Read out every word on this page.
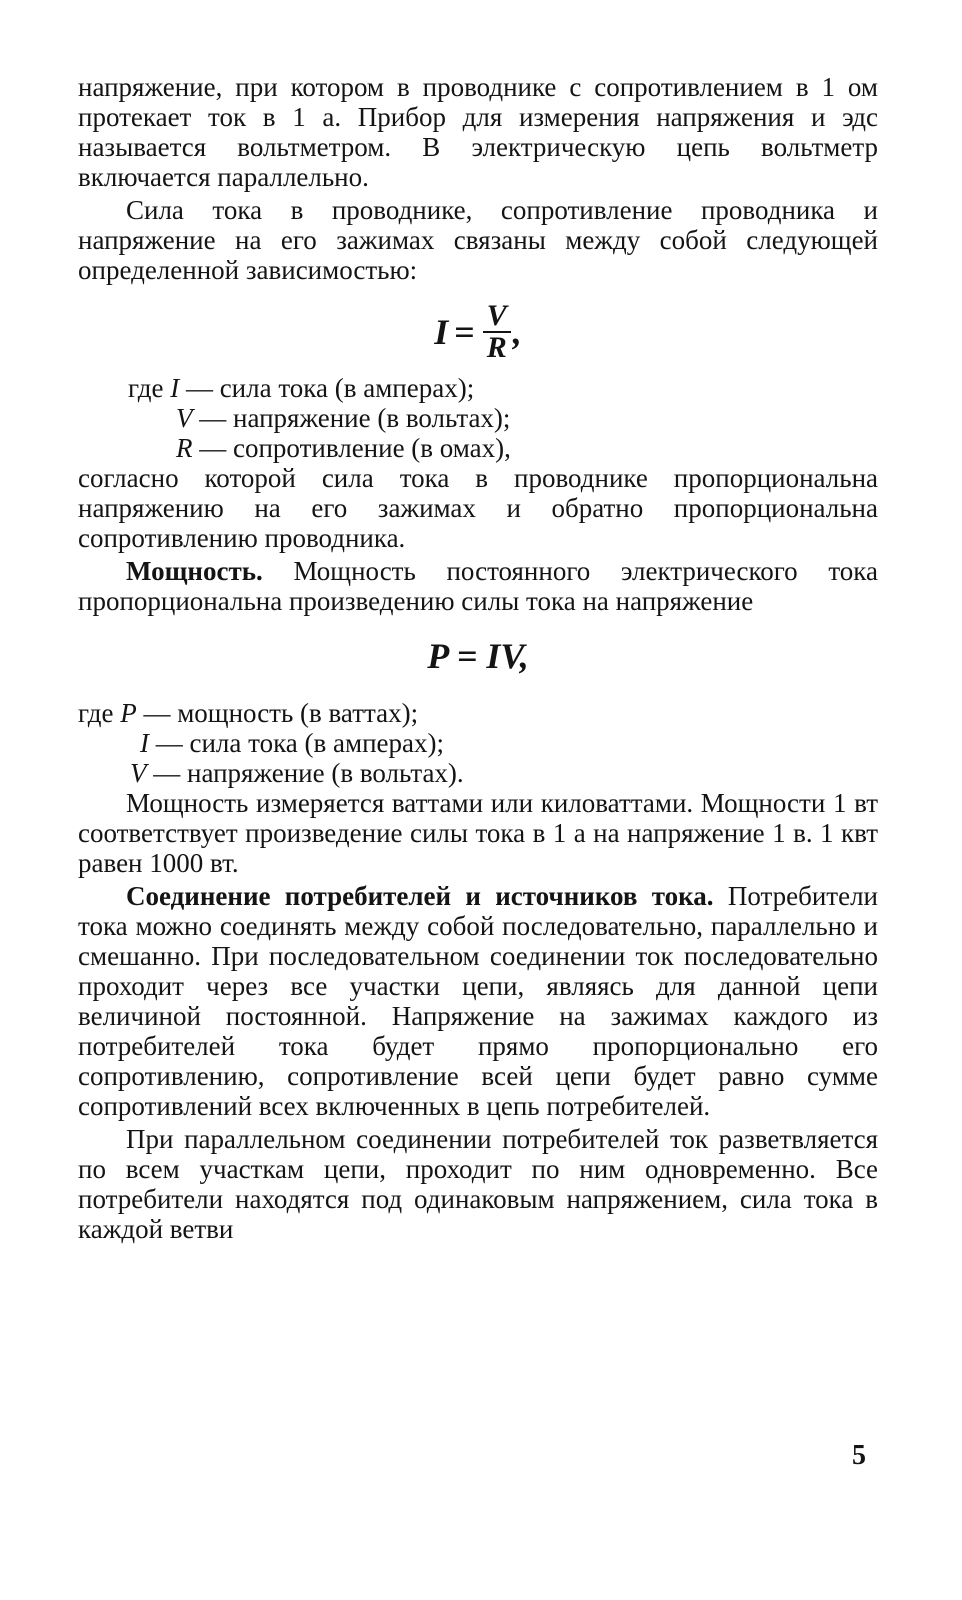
напряжение, при котором в проводнике с сопротивлением в 1 ом протекает ток в 1 а. Прибор для измерения напряжения и эдс называется вольтметром. В электрическую цепь вольтметр включается параллельно.

Сила тока в проводнике, сопротивление проводника и напряжение на его зажимах связаны между собой следующей определенной зависимостью:

$I = \frac{V}{R}$ ,

где I — сила тока (в амперах);

V — напряжение (в вольтах);

R — сопротивление (в омах),

согласно которой сила тока в проводнике пропорциональна напряжению на его зажимах и обратно пропорциональна сопротивлению проводника.

Мощность. Мощность постоянного электрического тока пропорциональна произведению силы тока на напряжение

P = IV,

где P — мощность (в ваттах);

I — сила тока (в амперах);

V — напряжение (в вольтах).

Мощность измеряется ваттами или киловаттами. Мощности 1 вт соответствует произведение силы тока в 1 а на напряжение 1 в. 1 квт равен 1000 вт.

Соединение потребителей и источников тока. Потребители тока можно соединять между собой последовательно, параллельно и смешанно. При последовательном соединении ток последовательно проходит через все участки цепи, являясь для данной цепи величиной постоянной. Напряжение на зажимах каждого из потребителей тока будет прямо пропорционально его сопротивлению, сопротивление всей цепи будет равно сумме сопротивлений всех включенных в цепь потребителей.

При параллельном соединении потребителей ток разветвляется по всем участкам цепи, проходит по ним одновременно. Все потребители находятся под одинаковым напряжением, сила тока в каждой ветви

5
